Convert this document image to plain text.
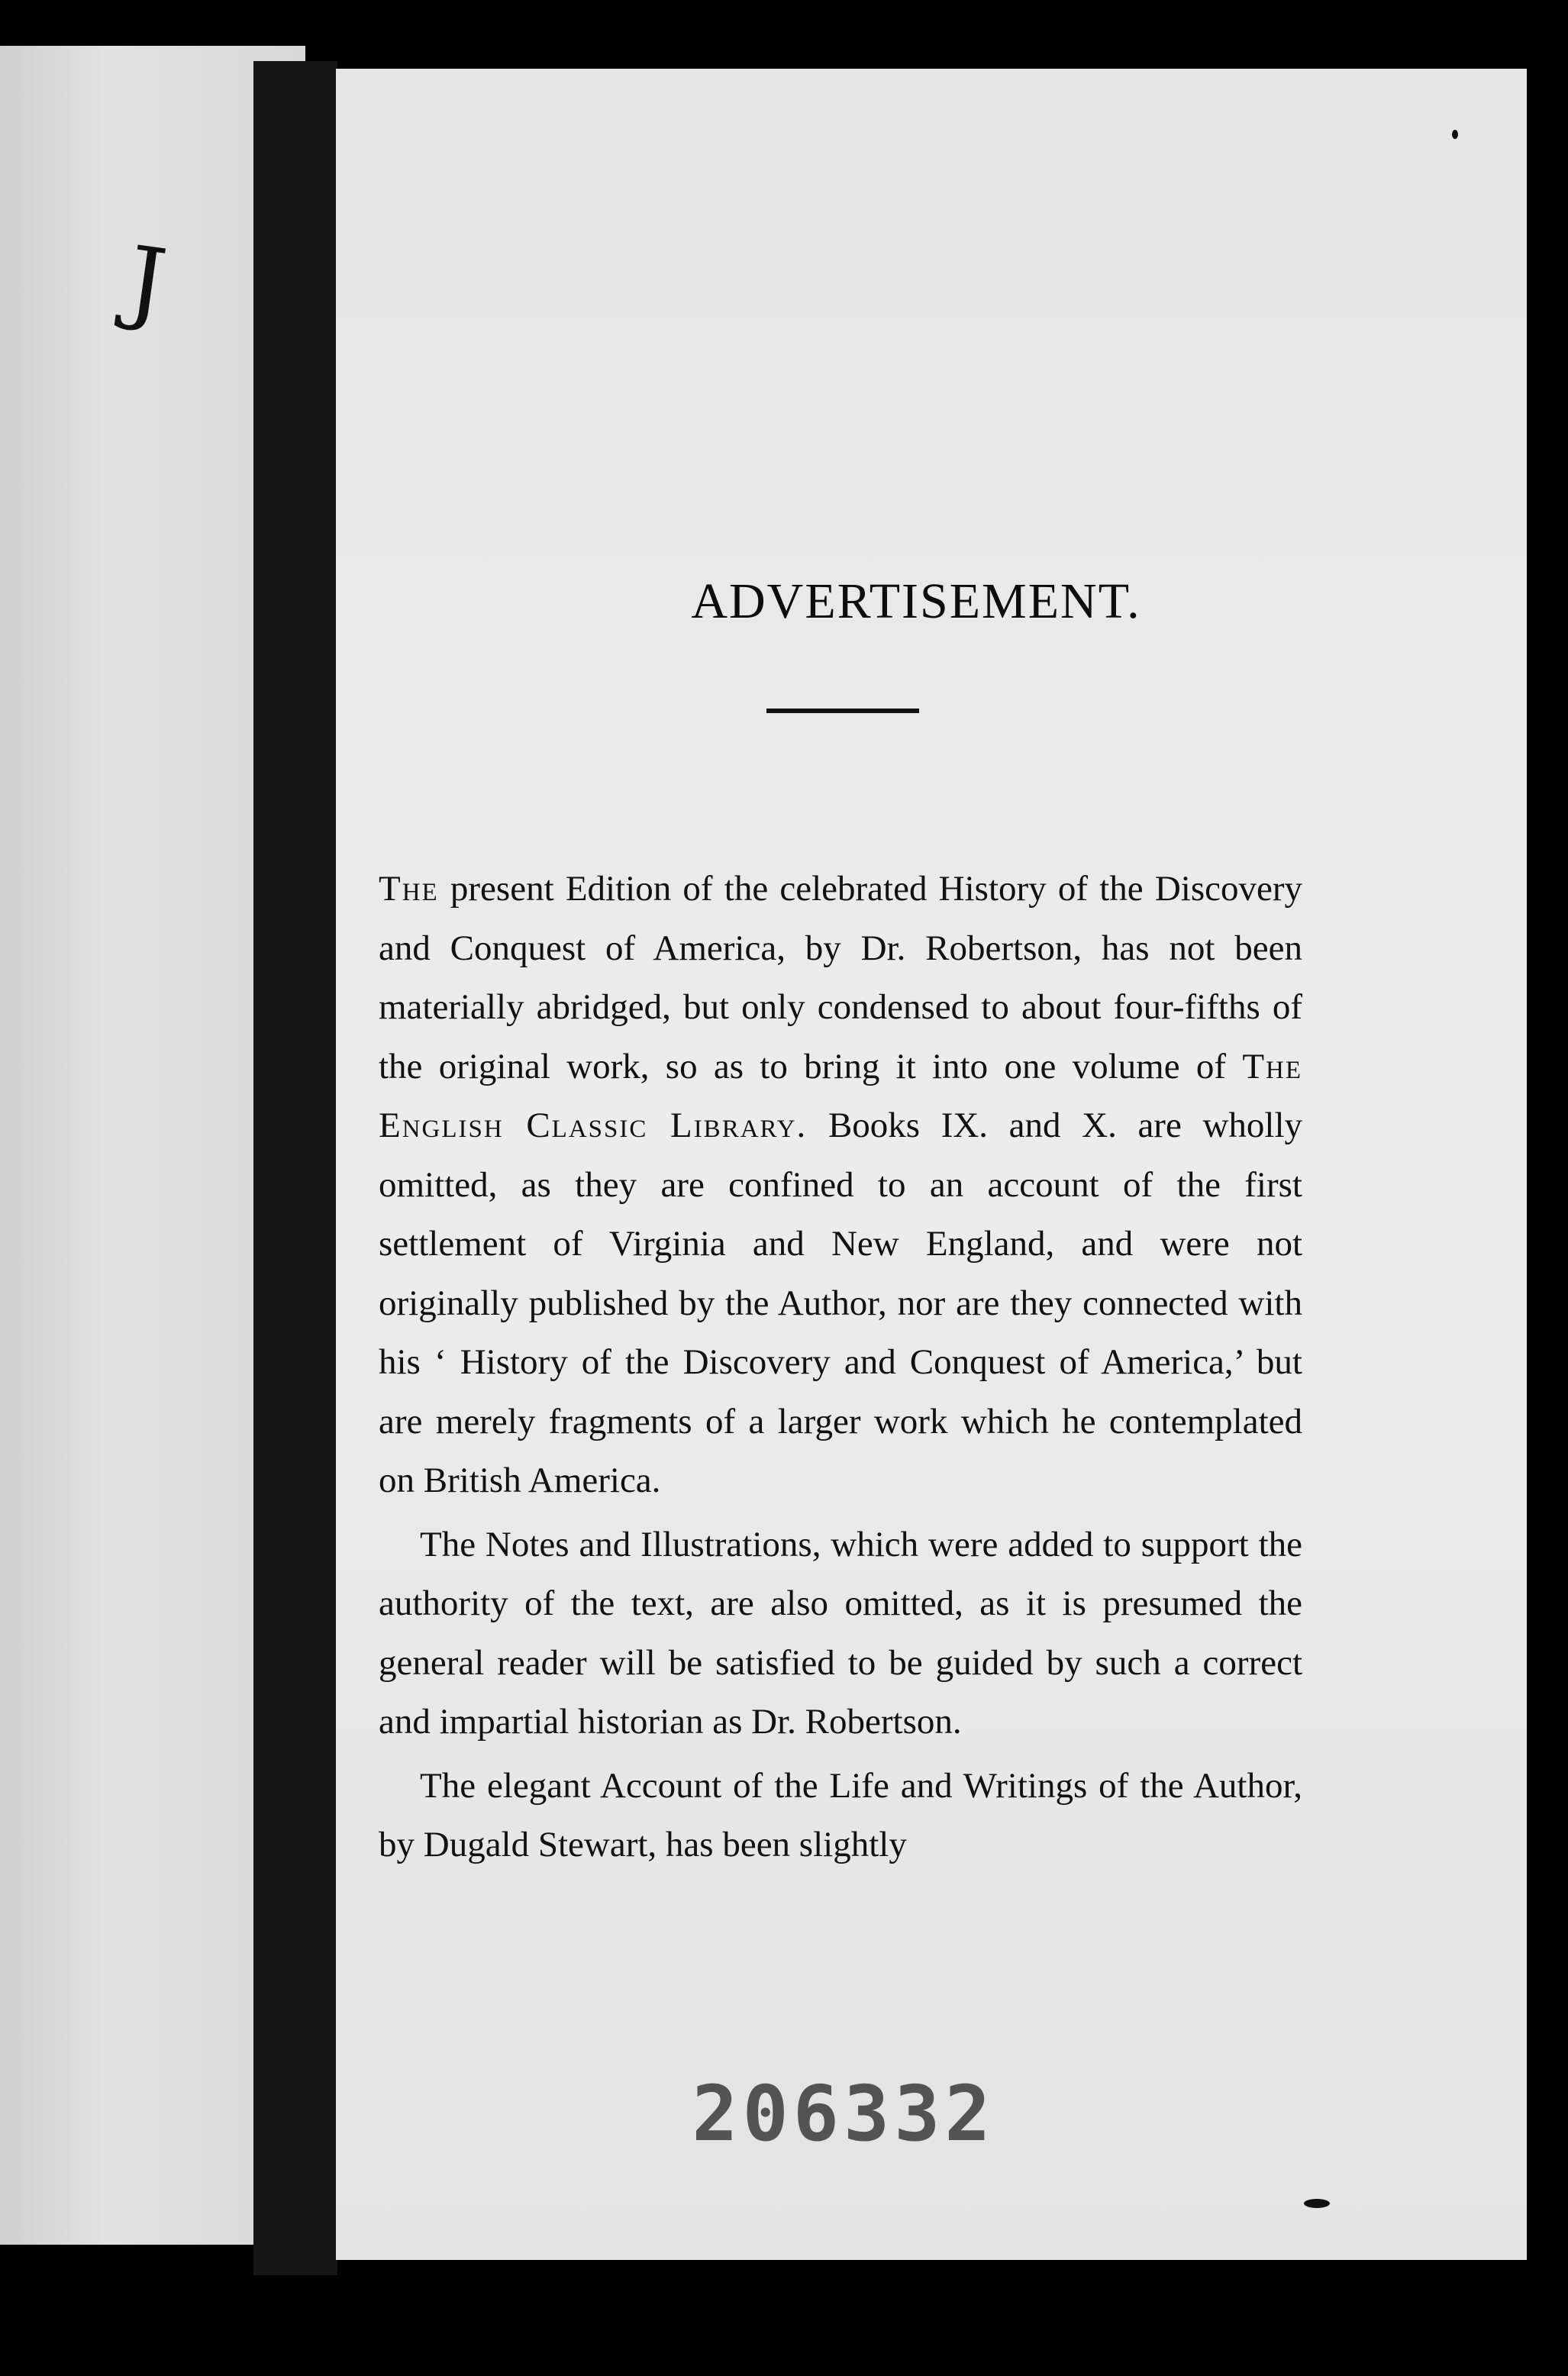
J
ADVERTISEMENT.

The present Edition of the celebrated History of the Discovery and Conquest of America, by Dr. Robertson, has not been materially abridged, but only condensed to about four-fifths of the original work, so as to bring it into one volume of The English Classic Library. Books IX. and X. are wholly omitted, as they are confined to an account of the first settlement of Virginia and New England, and were not originally published by the Author, nor are they connected with his ‘ History of the Discovery and Conquest of America,’ but are merely fragments of a larger work which he contemplated on British America.

The Notes and Illustrations, which were added to support the authority of the text, are also omitted, as it is presumed the general reader will be satisfied to be guided by such a correct and impartial historian as Dr. Robertson.

The elegant Account of the Life and Writings of the Author, by Dugald Stewart, has been slightly

206332
